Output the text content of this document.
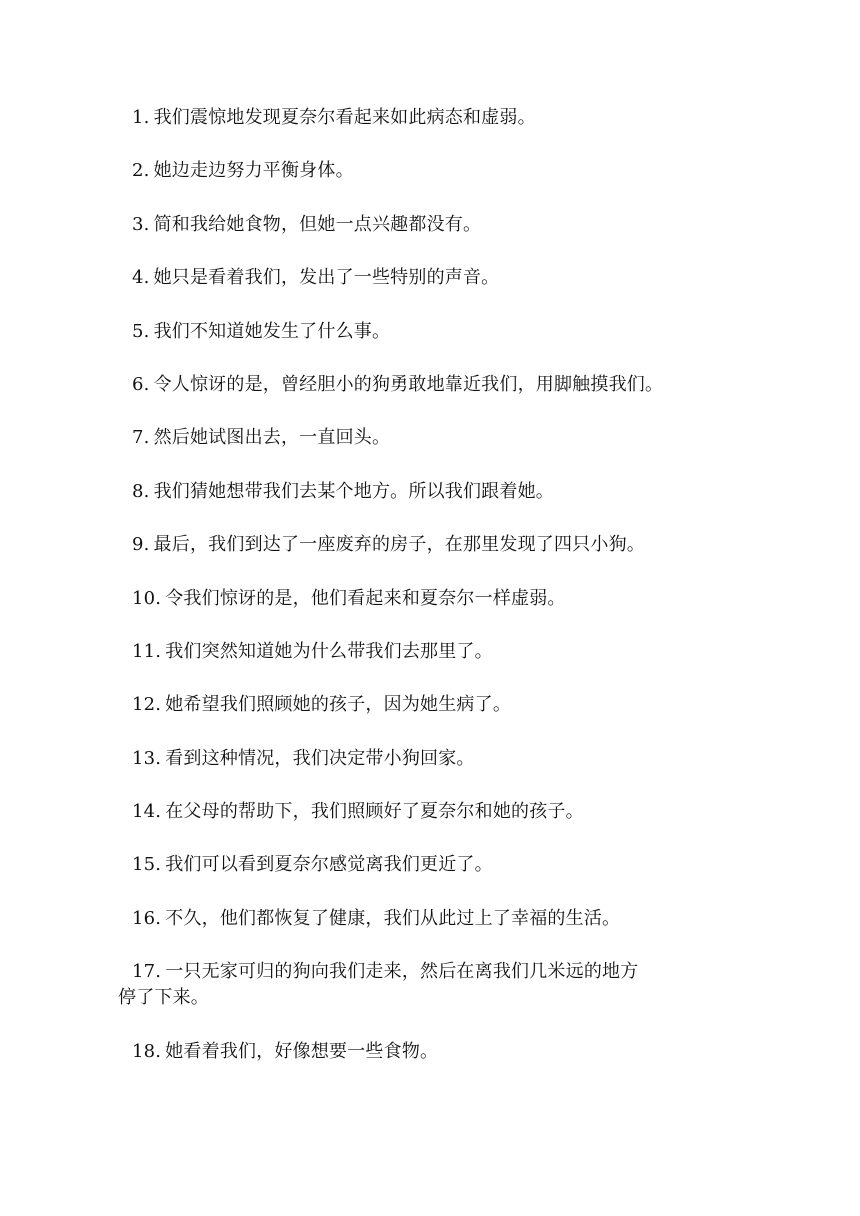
1. 我们震惊地发现夏奈尔看起来如此病态和虚弱。
2. 她边走边努力平衡身体。
3. 简和我给她食物，但她一点兴趣都没有。
4. 她只是看着我们，发出了一些特别的声音。
5. 我们不知道她发生了什么事。
6. 令人惊讶的是，曾经胆小的狗勇敢地靠近我们，用脚触摸我们。
7. 然后她试图出去，一直回头。
8. 我们猜她想带我们去某个地方。所以我们跟着她。
9. 最后，我们到达了一座废弃的房子，在那里发现了四只小狗。
10. 令我们惊讶的是，他们看起来和夏奈尔一样虚弱。
11. 我们突然知道她为什么带我们去那里了。
12. 她希望我们照顾她的孩子，因为她生病了。
13. 看到这种情况，我们决定带小狗回家。
14. 在父母的帮助下，我们照顾好了夏奈尔和她的孩子。
15. 我们可以看到夏奈尔感觉离我们更近了。
16. 不久，他们都恢复了健康，我们从此过上了幸福的生活。
17. 一只无家可归的狗向我们走来，然后在离我们几米远的地方
停了下来。
18. 她看着我们，好像想要一些食物。
